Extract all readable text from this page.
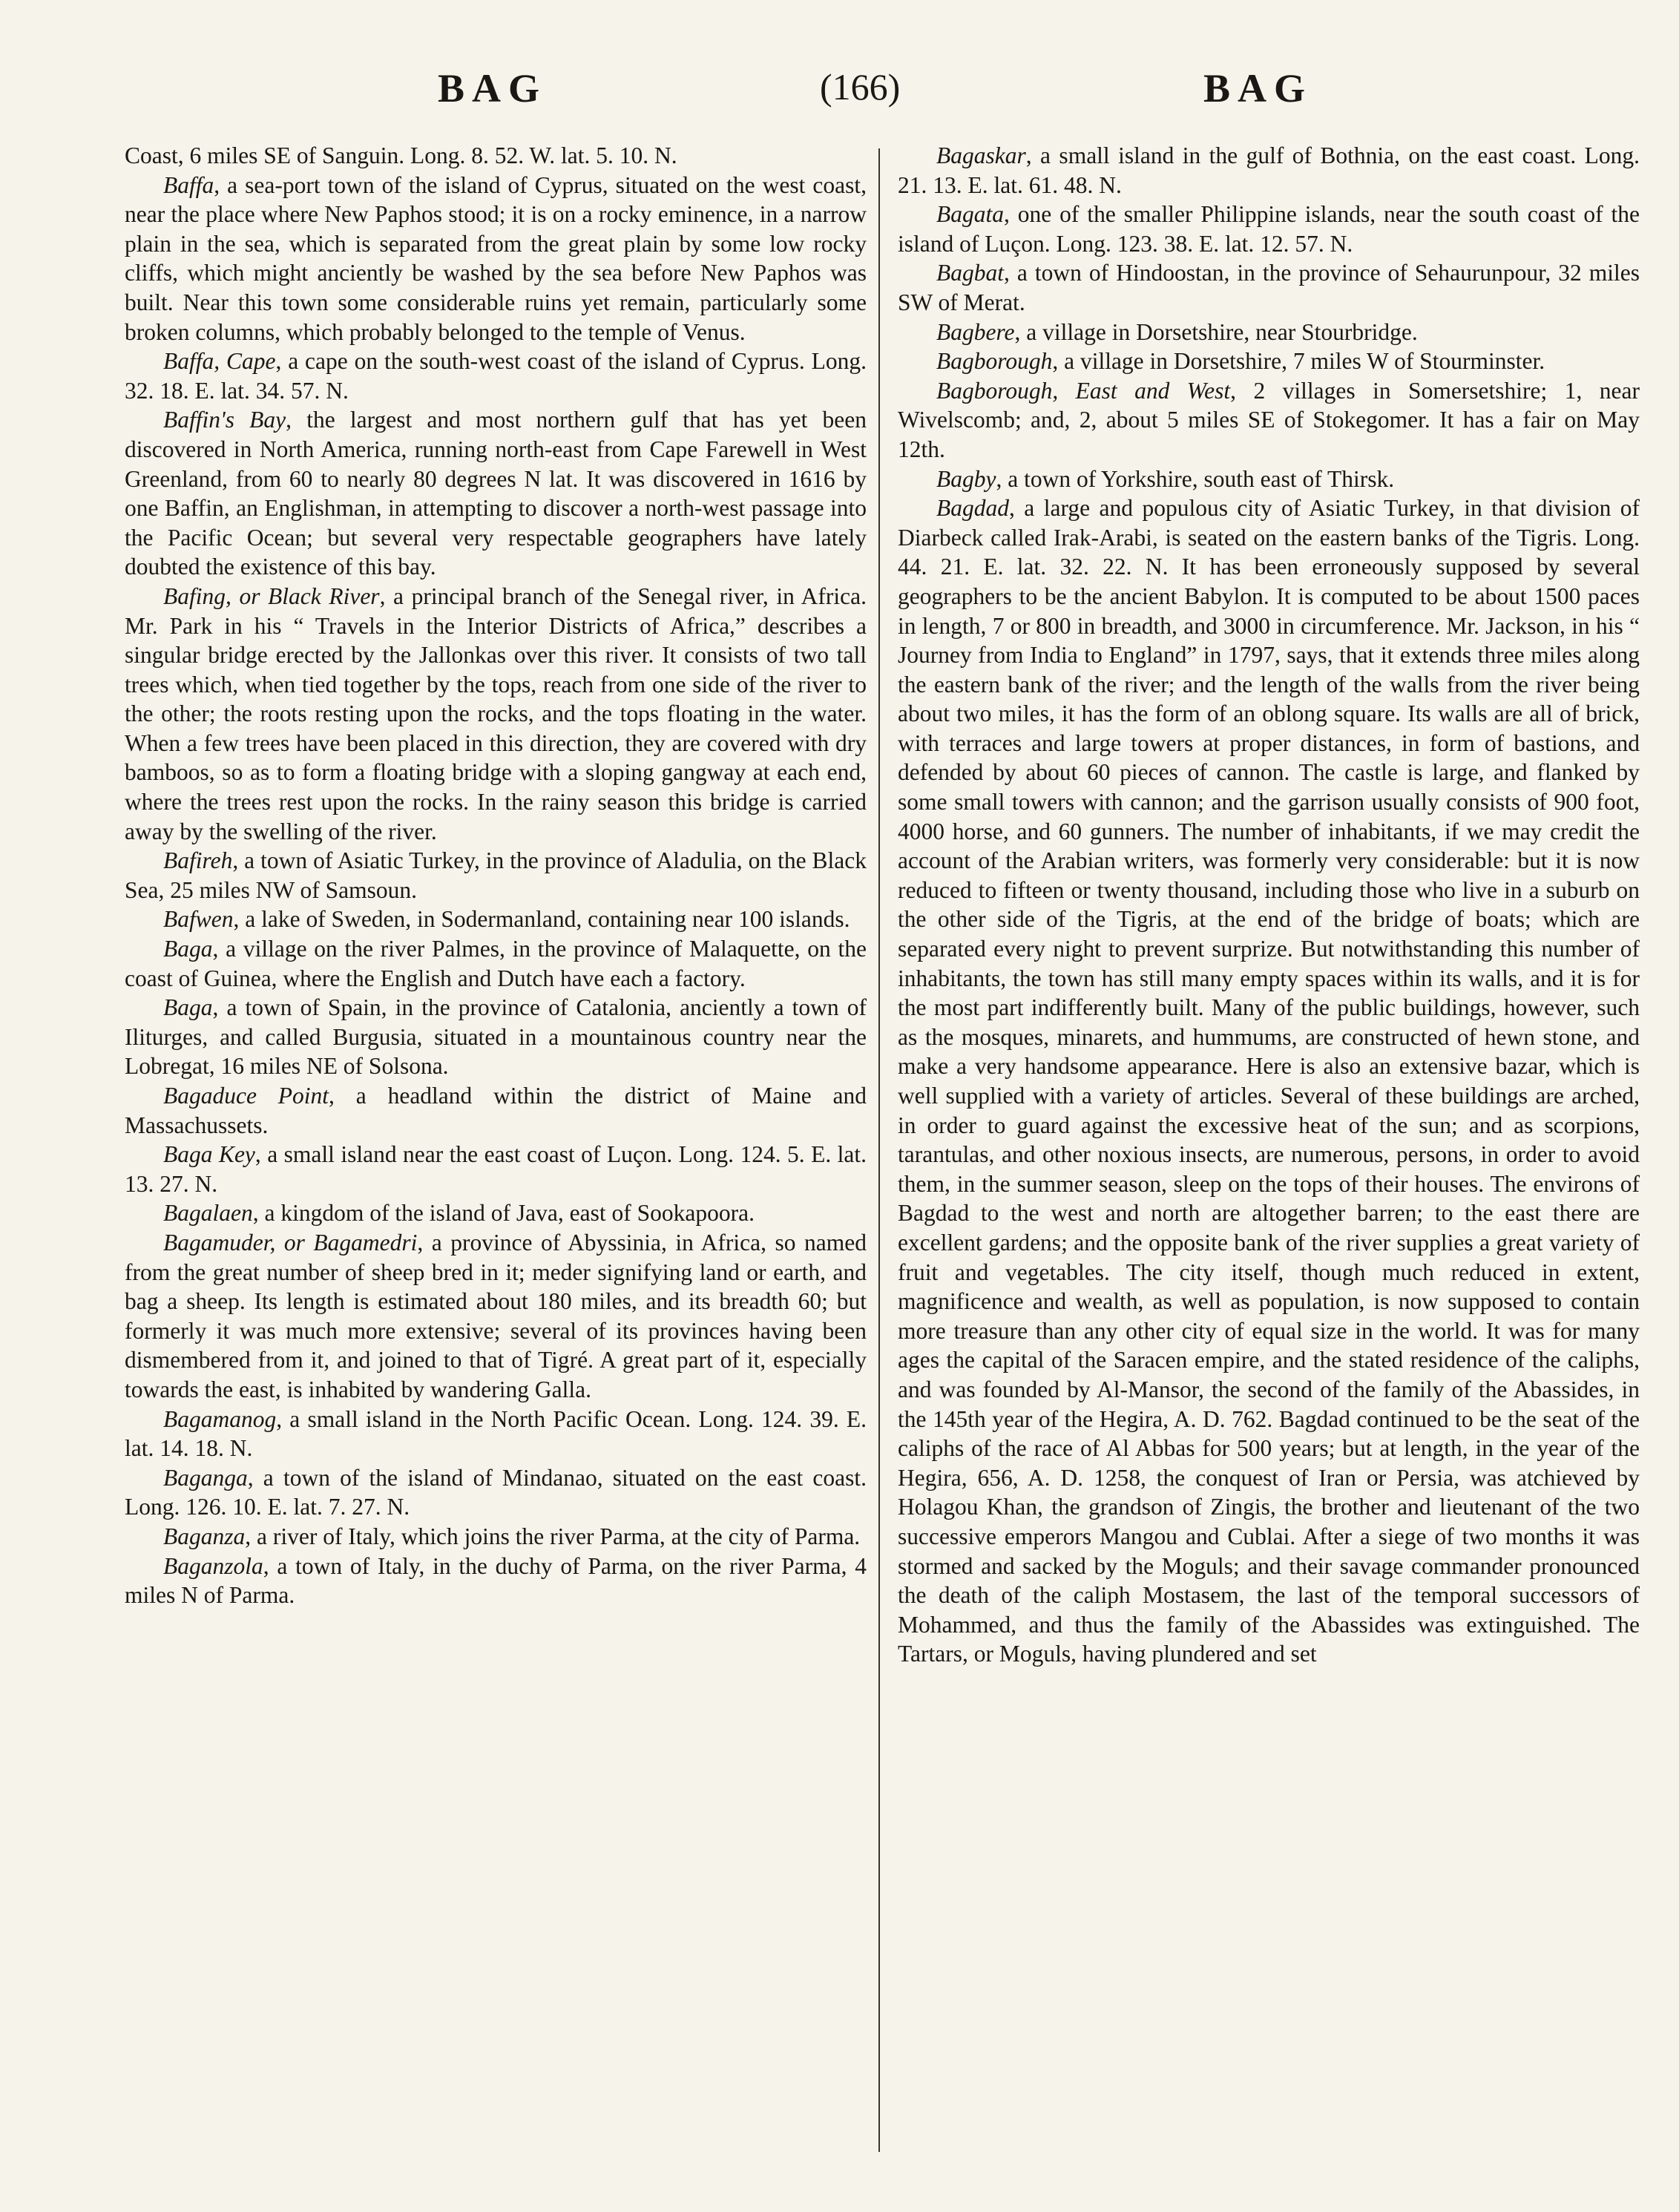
BAG	(166)	BAG

Coast, 6 miles SE of Sanguin. Long. 8. 52. W. lat. 5. 10. N.

Baffa, a sea-port town of the island of Cyprus, situated on the west coast, near the place where New Paphos stood; it is on a rocky eminence, in a narrow plain in the sea, which is separated from the great plain by some low rocky cliffs, which might anciently be washed by the sea before New Paphos was built. Near this town some considerable ruins yet remain, particularly some broken columns, which probably belonged to the temple of Venus.

Baffa, Cape, a cape on the south-west coast of the island of Cyprus. Long. 32. 18. E. lat. 34. 57. N.

Baffin's Bay, the largest and most northern gulf that has yet been discovered in North America, running north-east from Cape Farewell in West Greenland, from 60 to nearly 80 degrees N lat. It was discovered in 1616 by one Baffin, an Englishman, in attempting to discover a north-west passage into the Pacific Ocean; but several very respectable geographers have lately doubted the existence of this bay.

Bafing, or Black River, a principal branch of the Senegal river, in Africa. Mr. Park in his “ Travels in the Interior Districts of Africa,” describes a singular bridge erected by the Jallonkas over this river. It consists of two tall trees which, when tied together by the tops, reach from one side of the river to the other; the roots resting upon the rocks, and the tops floating in the water. When a few trees have been placed in this direction, they are covered with dry bamboos, so as to form a floating bridge with a sloping gangway at each end, where the trees rest upon the rocks. In the rainy season this bridge is carried away by the swelling of the river.

Bafireh, a town of Asiatic Turkey, in the province of Aladulia, on the Black Sea, 25 miles NW of Samsoun.

Bafwen, a lake of Sweden, in Sodermanland, containing near 100 islands.

Baga, a village on the river Palmes, in the province of Malaquette, on the coast of Guinea, where the English and Dutch have each a factory.

Baga, a town of Spain, in the province of Catalonia, anciently a town of Iliturges, and called Burgusia, situated in a mountainous country near the Lobregat, 16 miles NE of Solsona.

Bagaduce Point, a headland within the district of Maine and Massachussets.

Baga Key, a small island near the east coast of Luçon. Long. 124. 5. E. lat. 13. 27. N.

Bagalaen, a kingdom of the island of Java, east of Sookapoora.

Bagamuder, or Bagamedri, a province of Abyssinia, in Africa, so named from the great number of sheep bred in it; meder signifying land or earth, and bag a sheep. Its length is estimated about 180 miles, and its breadth 60; but formerly it was much more extensive; several of its provinces having been dismembered from it, and joined to that of Tigré. A great part of it, especially towards the east, is inhabited by wandering Galla.

Bagamanog, a small island in the North Pacific Ocean. Long. 124. 39. E. lat. 14. 18. N.

Baganga, a town of the island of Mindanao, situated on the east coast. Long. 126. 10. E. lat. 7. 27. N.

Baganza, a river of Italy, which joins the river Parma, at the city of Parma.

Baganzola, a town of Italy, in the duchy of Parma, on the river Parma, 4 miles N of Parma.

Bagaskar, a small island in the gulf of Bothnia, on the east coast. Long. 21. 13. E. lat. 61. 48. N.

Bagata, one of the smaller Philippine islands, near the south coast of the island of Luçon. Long. 123. 38. E. lat. 12. 57. N.

Bagbat, a town of Hindoostan, in the province of Sehaurunpour, 32 miles SW of Merat.

Bagbere, a village in Dorsetshire, near Stourbridge.

Bagborough, a village in Dorsetshire, 7 miles W of Stourminster.

Bagborough, East and West, 2 villages in Somersetshire; 1, near Wivelscomb; and, 2, about 5 miles SE of Stokegomer. It has a fair on May 12th.

Bagby, a town of Yorkshire, south east of Thirsk.

Bagdad, a large and populous city of Asiatic Turkey, in that division of Diarbeck called Irak-Arabi, is seated on the eastern banks of the Tigris. Long. 44. 21. E. lat. 32. 22. N. It has been erroneously supposed by several geographers to be the ancient Babylon. It is computed to be about 1500 paces in length, 7 or 800 in breadth, and 3000 in circumference. Mr. Jackson, in his “ Journey from India to England” in 1797, says, that it extends three miles along the eastern bank of the river; and the length of the walls from the river being about two miles, it has the form of an oblong square. Its walls are all of brick, with terraces and large towers at proper distances, in form of bastions, and defended by about 60 pieces of cannon. The castle is large, and flanked by some small towers with cannon; and the garrison usually consists of 900 foot, 4000 horse, and 60 gunners. The number of inhabitants, if we may credit the account of the Arabian writers, was formerly very considerable: but it is now reduced to fifteen or twenty thousand, including those who live in a suburb on the other side of the Tigris, at the end of the bridge of boats; which are separated every night to prevent surprize. But notwithstanding this number of inhabitants, the town has still many empty spaces within its walls, and it is for the most part indifferently built. Many of the public buildings, however, such as the mosques, minarets, and hummums, are constructed of hewn stone, and make a very handsome appearance. Here is also an extensive bazar, which is well supplied with a variety of articles. Several of these buildings are arched, in order to guard against the excessive heat of the sun; and as scorpions, tarantulas, and other noxious insects, are numerous, persons, in order to avoid them, in the summer season, sleep on the tops of their houses. The environs of Bagdad to the west and north are altogether barren; to the east there are excellent gardens; and the opposite bank of the river supplies a great variety of fruit and vegetables. The city itself, though much reduced in extent, magnificence and wealth, as well as population, is now supposed to contain more treasure than any other city of equal size in the world. It was for many ages the capital of the Saracen empire, and the stated residence of the caliphs, and was founded by Al-Mansor, the second of the family of the Abassides, in the 145th year of the Hegira, A. D. 762. Bagdad continued to be the seat of the caliphs of the race of Al Abbas for 500 years; but at length, in the year of the Hegira, 656, A. D. 1258, the conquest of Iran or Persia, was atchieved by Holagou Khan, the grandson of Zingis, the brother and lieutenant of the two successive emperors Mangou and Cublai. After a siege of two months it was stormed and sacked by the Moguls; and their savage commander pronounced the death of the caliph Mostasem, the last of the temporal successors of Mohammed, and thus the family of the Abassides was extinguished. The Tartars, or Moguls, having plundered and set
